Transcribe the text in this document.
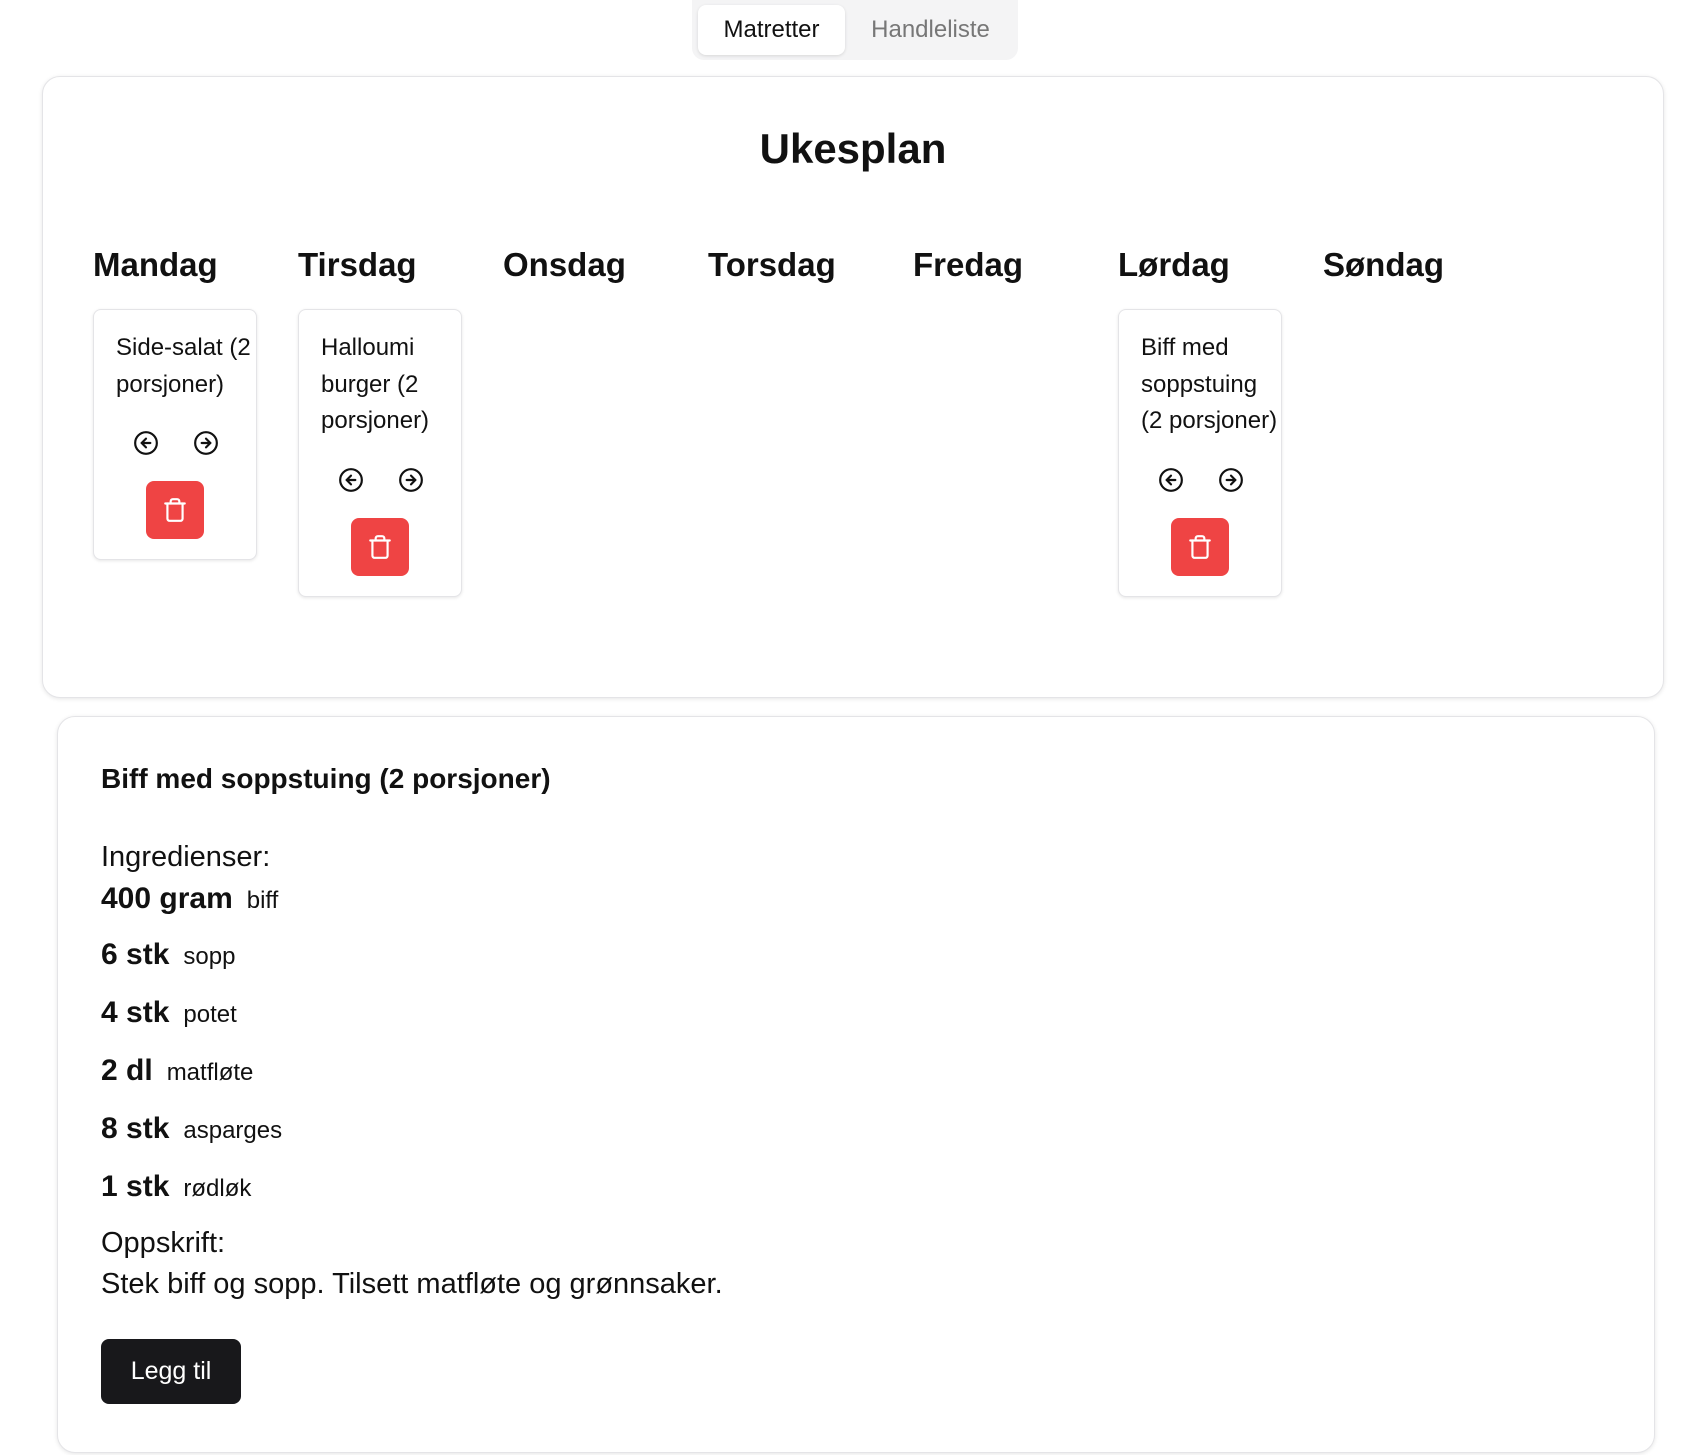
Matretter	Handleliste
Ukesplan
Mandag
Side-salat (2 porsjoner)
Tirsdag
Halloumi burger (2 porsjoner)
Onsdag	Torsdag	Fredag	Lørdag
Biff med soppstuing (2 porsjoner)
Søndag
Biff med soppstuing (2 porsjoner)
Ingredienser:
400 gram biff
6 stk sopp
4 stk potet
2 dl matfløte
8 stk asparges
1 stk rødløk
Oppskrift:
Stek biff og sopp. Tilsett matfløte og grønnsaker.
Legg til
